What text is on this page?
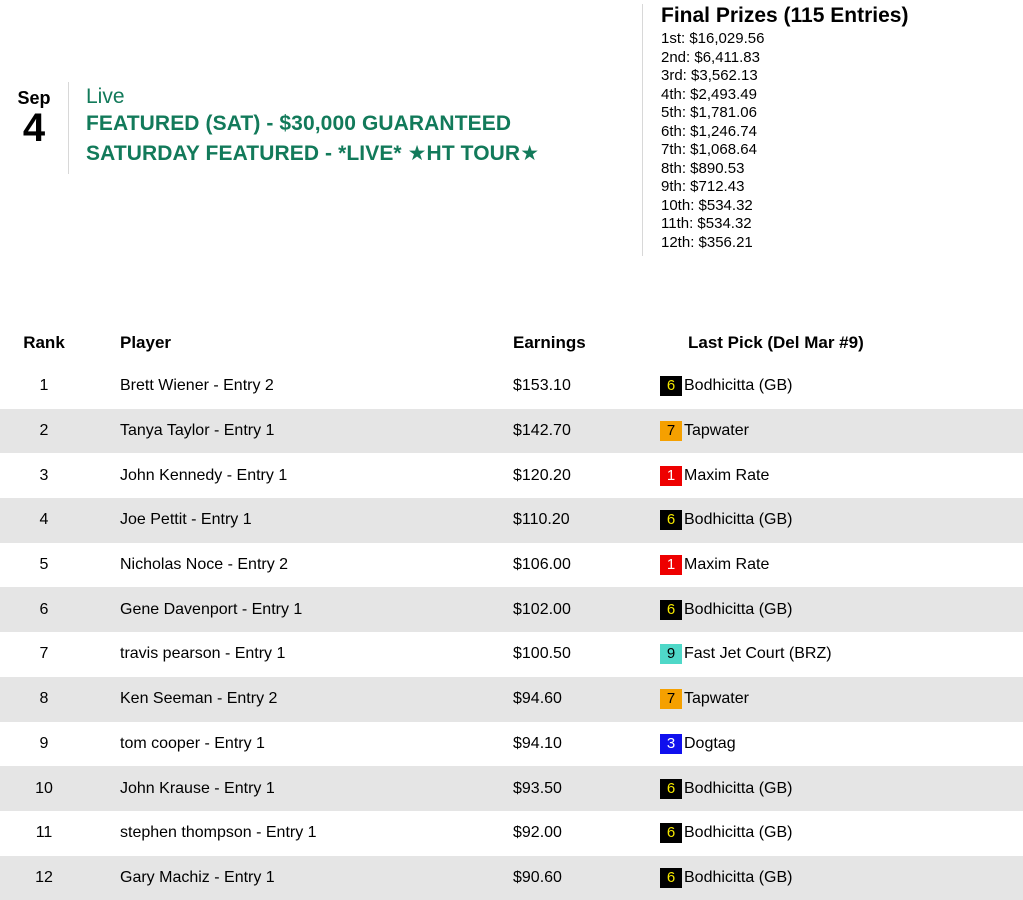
Sep
4
Live
FEATURED (SAT) - $30,000 GUARANTEED
SATURDAY FEATURED - *LIVE* ★HT TOUR★
Final Prizes (115 Entries)
1st: $16,029.56
2nd: $6,411.83
3rd: $3,562.13
4th: $2,493.49
5th: $1,781.06
6th: $1,246.74
7th: $1,068.64
8th: $890.53
9th: $712.43
10th: $534.32
11th: $534.32
12th: $356.21
Rank	Player	Earnings	Last Pick (Del Mar #9)
1	Brett Wiener - Entry 2	$153.10	6 Bodhicitta (GB)
2	Tanya Taylor - Entry 1	$142.70	7 Tapwater
3	John Kennedy - Entry 1	$120.20	1 Maxim Rate
4	Joe Pettit - Entry 1	$110.20	6 Bodhicitta (GB)
5	Nicholas Noce - Entry 2	$106.00	1 Maxim Rate
6	Gene Davenport - Entry 1	$102.00	6 Bodhicitta (GB)
7	travis pearson - Entry 1	$100.50	9 Fast Jet Court (BRZ)
8	Ken Seeman - Entry 2	$94.60	7 Tapwater
9	tom cooper - Entry 1	$94.10	3 Dogtag
10	John Krause - Entry 1	$93.50	6 Bodhicitta (GB)
11	stephen thompson - Entry 1	$92.00	6 Bodhicitta (GB)
12	Gary Machiz - Entry 1	$90.60	6 Bodhicitta (GB)
